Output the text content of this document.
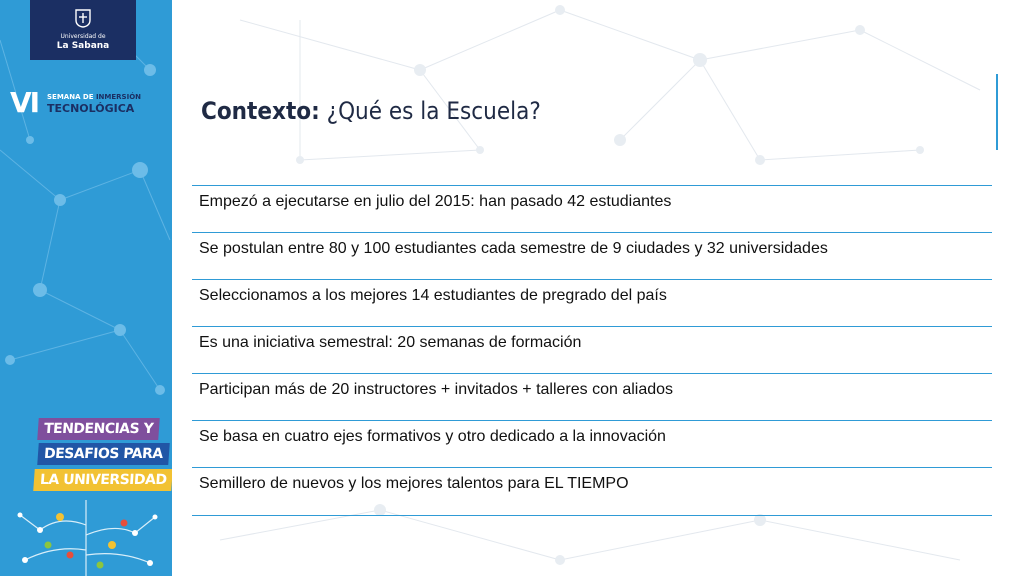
Universidad de
La Sabana
VI SEMANA DE INMERSIÓN
TECNOLÓGICA
TENDENCIAS Y
DESAFIOS PARA
LA UNIVERSIDAD
Contexto: ¿Qué es la Escuela?
Empezó a ejecutarse en julio del 2015: han pasado 42 estudiantes
Se postulan entre 80 y 100 estudiantes cada semestre de 9 ciudades y 32 universidades
Seleccionamos a los mejores 14 estudiantes de pregrado del país
Es una iniciativa semestral: 20 semanas de formación
Participan más de 20 instructores + invitados + talleres con aliados
Se basa en cuatro ejes formativos y otro dedicado a la innovación
Semillero de nuevos y los mejores talentos para EL TIEMPO
